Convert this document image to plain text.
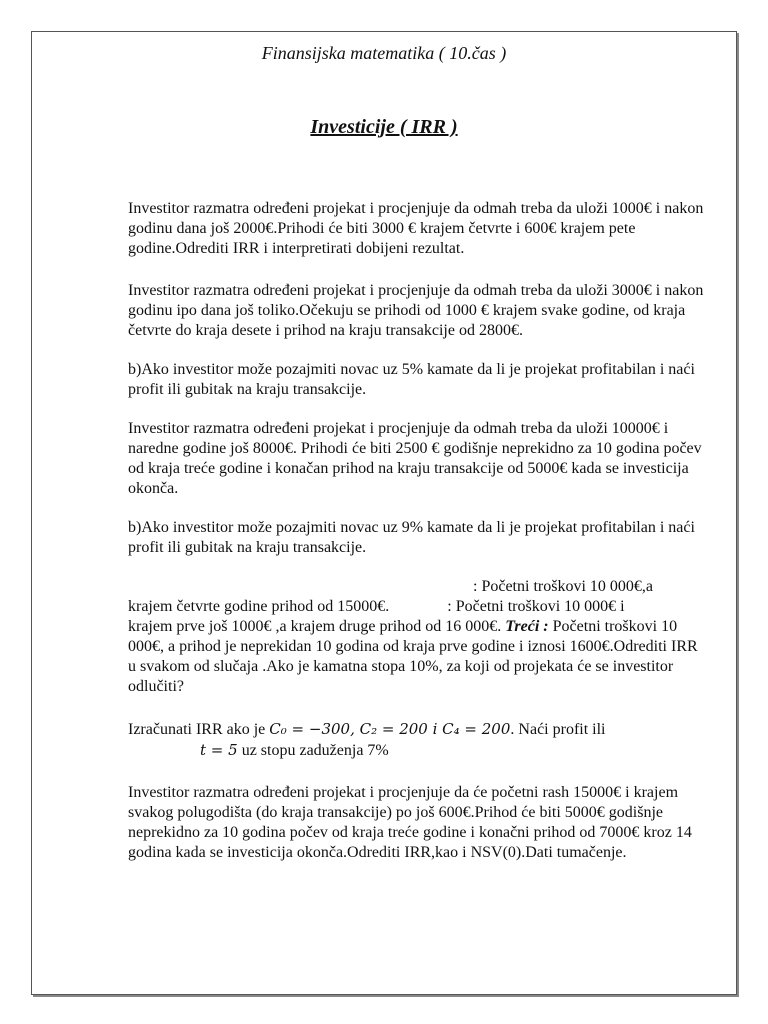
Finansijska matematika ( 10.čas )
Investicije ( IRR )

Investitor razmatra određeni projekat i procjenjuje da odmah treba da uloži 1000€ i nakon godinu dana još 2000€.Prihodi će biti 3000 € krajem četvrte i 600€ krajem pete godine.Odrediti IRR i interpretirati dobijeni rezultat.

Investitor razmatra određeni projekat i procjenjuje da odmah treba da uloži 3000€ i nakon godinu ipo dana još toliko.Očekuju se prihodi od 1000 € krajem svake godine, od kraja četvrte do kraja desete i prihod na kraju transakcije od 2800€.

b)Ako investitor može pozajmiti novac uz 5% kamate da li je projekat profitabilan i naći profit ili gubitak na kraju transakcije.

Investitor razmatra određeni projekat i procjenjuje da odmah treba da uloži 10000€ i naredne godine još 8000€. Prihodi će biti 2500 € godišnje neprekidno za 10 godina počev od kraja treće godine i konačan prihod na kraju transakcije od 5000€ kada se investicija okonča.

b)Ako investitor može pozajmiti novac uz 9% kamate da li je projekat profitabilan i naći profit ili gubitak na kraju transakcije.

: Početni troškovi 10 000€,a
krajem četvrte godine prihod od 15000€.	: Početni troškovi 10 000€ i
krajem prve još 1000€ ,a krajem druge prihod od 16 000€. Treći : Početni troškovi 10 000€, a prihod je neprekidan 10 godina od kraja prve godine i iznosi 1600€.Odrediti IRR u svakom od slučaja .Ako je kamatna stopa 10%, za koji od projekata će se investitor odlučiti?

Izračunati IRR ako je C₀ = −300, C₂ = 200 i C₄ = 200. Naći profit ili
t = 5 uz stopu zaduženja 7%

Investitor razmatra određeni projekat i procjenjuje da će početni rash 15000€ i krajem svakog polugodišta (do kraja transakcije) po još 600€.Prihod će biti 5000€ godišnje neprekidno za 10 godina počev od kraja treće godine i konačni prihod od 7000€ kroz 14 godina kada se investicija okonča.Odrediti IRR,kao i NSV(0).Dati tumačenje.
